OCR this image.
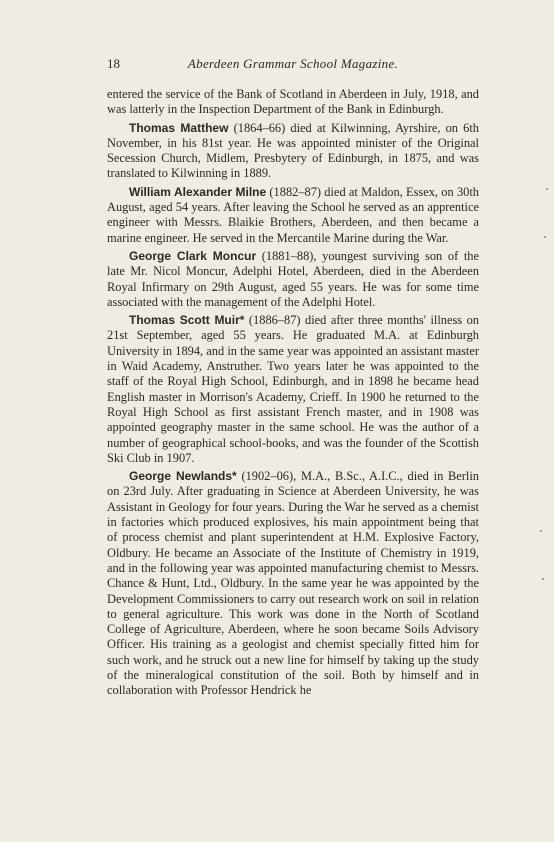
18	Aberdeen Grammar School Magazine.

entered the service of the Bank of Scotland in Aberdeen in July, 1918, and was latterly in the Inspection Department of the Bank in Edinburgh.

Thomas Matthew (1864–66) died at Kilwinning, Ayrshire, on 6th November, in his 81st year. He was appointed minister of the Original Secession Church, Midlem, Presbytery of Edinburgh, in 1875, and was translated to Kilwinning in 1889.

William Alexander Milne (1882–87) died at Maldon, Essex, on 30th August, aged 54 years. After leaving the School he served as an apprentice engineer with Messrs. Blaikie Brothers, Aberdeen, and then became a marine engineer. He served in the Mercantile Marine during the War.

George Clark Moncur (1881–88), youngest surviving son of the late Mr. Nicol Moncur, Adelphi Hotel, Aberdeen, died in the Aberdeen Royal Infirmary on 29th August, aged 55 years. He was for some time associated with the management of the Adelphi Hotel.

Thomas Scott Muir* (1886–87) died after three months' illness on 21st September, aged 55 years. He graduated M.A. at Edinburgh University in 1894, and in the same year was appointed an assistant master in Waid Academy, Anstruther. Two years later he was appointed to the staff of the Royal High School, Edinburgh, and in 1898 he became head English master in Morrison's Academy, Crieff. In 1900 he returned to the Royal High School as first assistant French master, and in 1908 was appointed geography master in the same school. He was the author of a number of geographical school-books, and was the founder of the Scottish Ski Club in 1907.

George Newlands* (1902–06), M.A., B.Sc., A.I.C., died in Berlin on 23rd July. After graduating in Science at Aberdeen University, he was Assistant in Geology for four years. During the War he served as a chemist in factories which produced explosives, his main appointment being that of process chemist and plant superintendent at H.M. Explosive Factory, Oldbury. He became an Associate of the Institute of Chemistry in 1919, and in the following year was appointed manufacturing chemist to Messrs. Chance & Hunt, Ltd., Oldbury. In the same year he was appointed by the Development Commissioners to carry out research work on soil in relation to general agriculture. This work was done in the North of Scotland College of Agriculture, Aberdeen, where he soon became Soils Advisory Officer. His training as a geologist and chemist specially fitted him for such work, and he struck out a new line for himself by taking up the study of the mineralogical constitution of the soil. Both by himself and in collaboration with Professor Hendrick he
